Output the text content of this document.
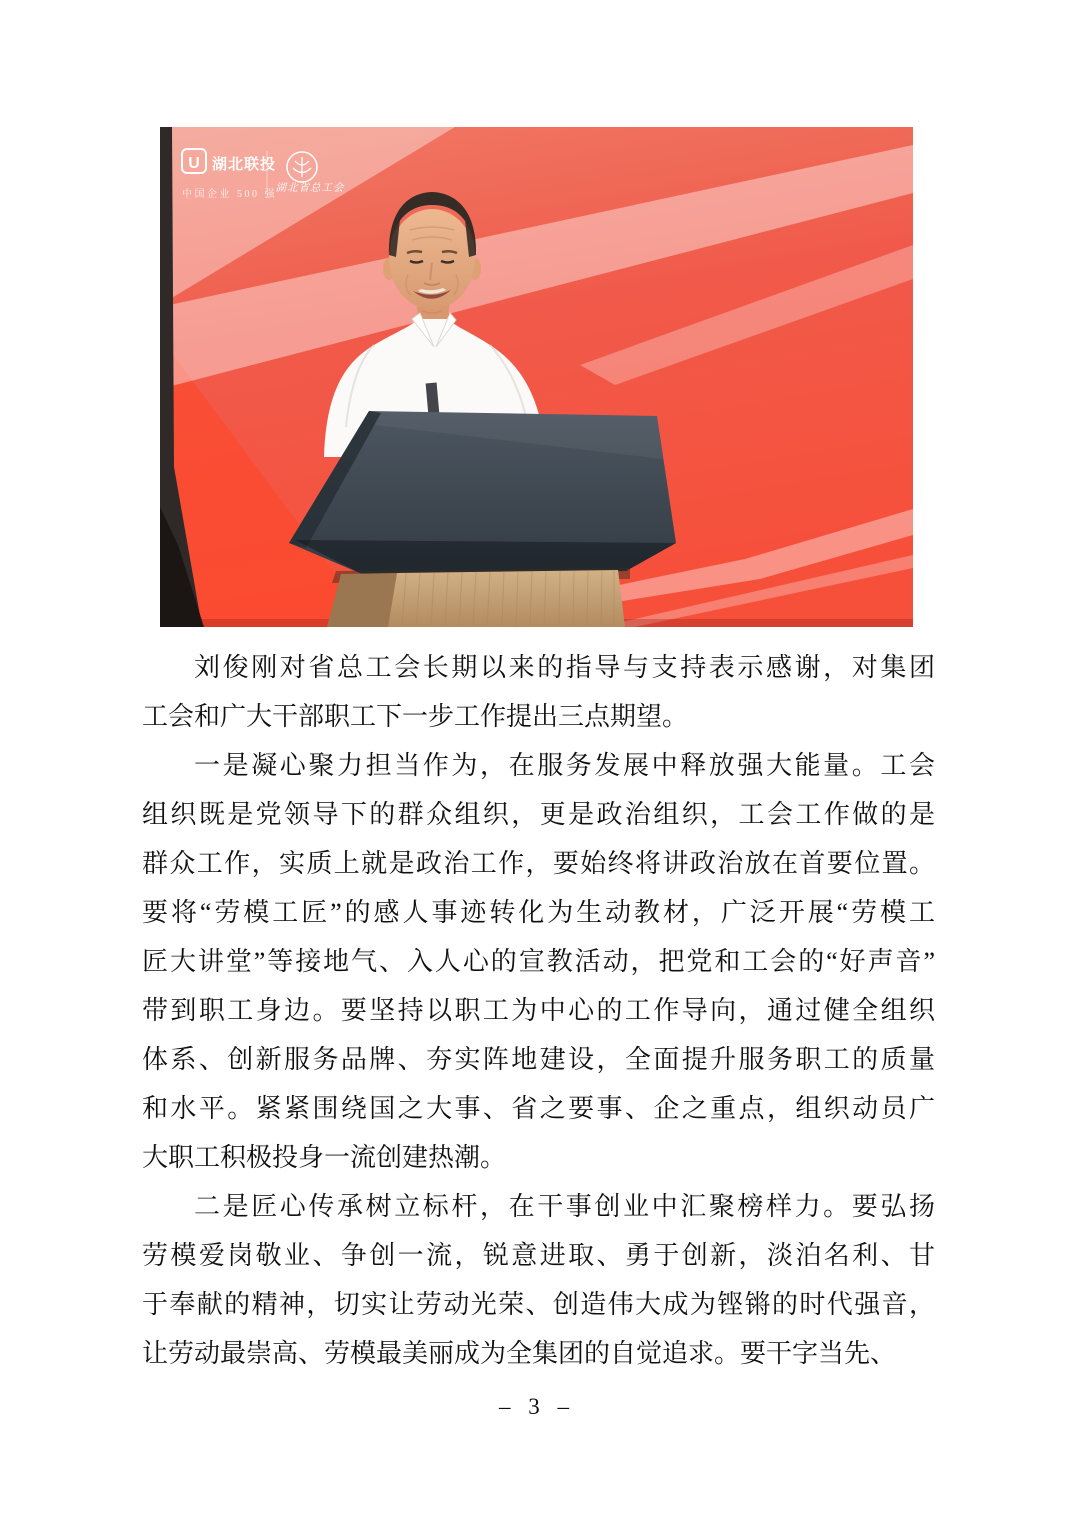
U 湖北联投
中国企业 500 强
湖北省总工会
刘俊刚对省总工会长期以来的指导与支持表示感谢，对集团
工会和广大干部职工下一步工作提出三点期望。
一是凝心聚力担当作为，在服务发展中释放强大能量。工会
组织既是党领导下的群众组织，更是政治组织，工会工作做的是
群众工作，实质上就是政治工作，要始终将讲政治放在首要位置。
要将“劳模工匠”的感人事迹转化为生动教材，广泛开展“劳模工
匠大讲堂”等接地气、入人心的宣教活动，把党和工会的“好声音”
带到职工身边。要坚持以职工为中心的工作导向，通过健全组织
体系、创新服务品牌、夯实阵地建设，全面提升服务职工的质量
和水平。紧紧围绕国之大事、省之要事、企之重点，组织动员广
大职工积极投身一流创建热潮。
二是匠心传承树立标杆，在干事创业中汇聚榜样力。要弘扬
劳模爱岗敬业、争创一流，锐意进取、勇于创新，淡泊名利、甘
于奉献的精神，切实让劳动光荣、创造伟大成为铿锵的时代强音，
让劳动最崇高、劳模最美丽成为全集团的自觉追求。要干字当先、
– 3 –
